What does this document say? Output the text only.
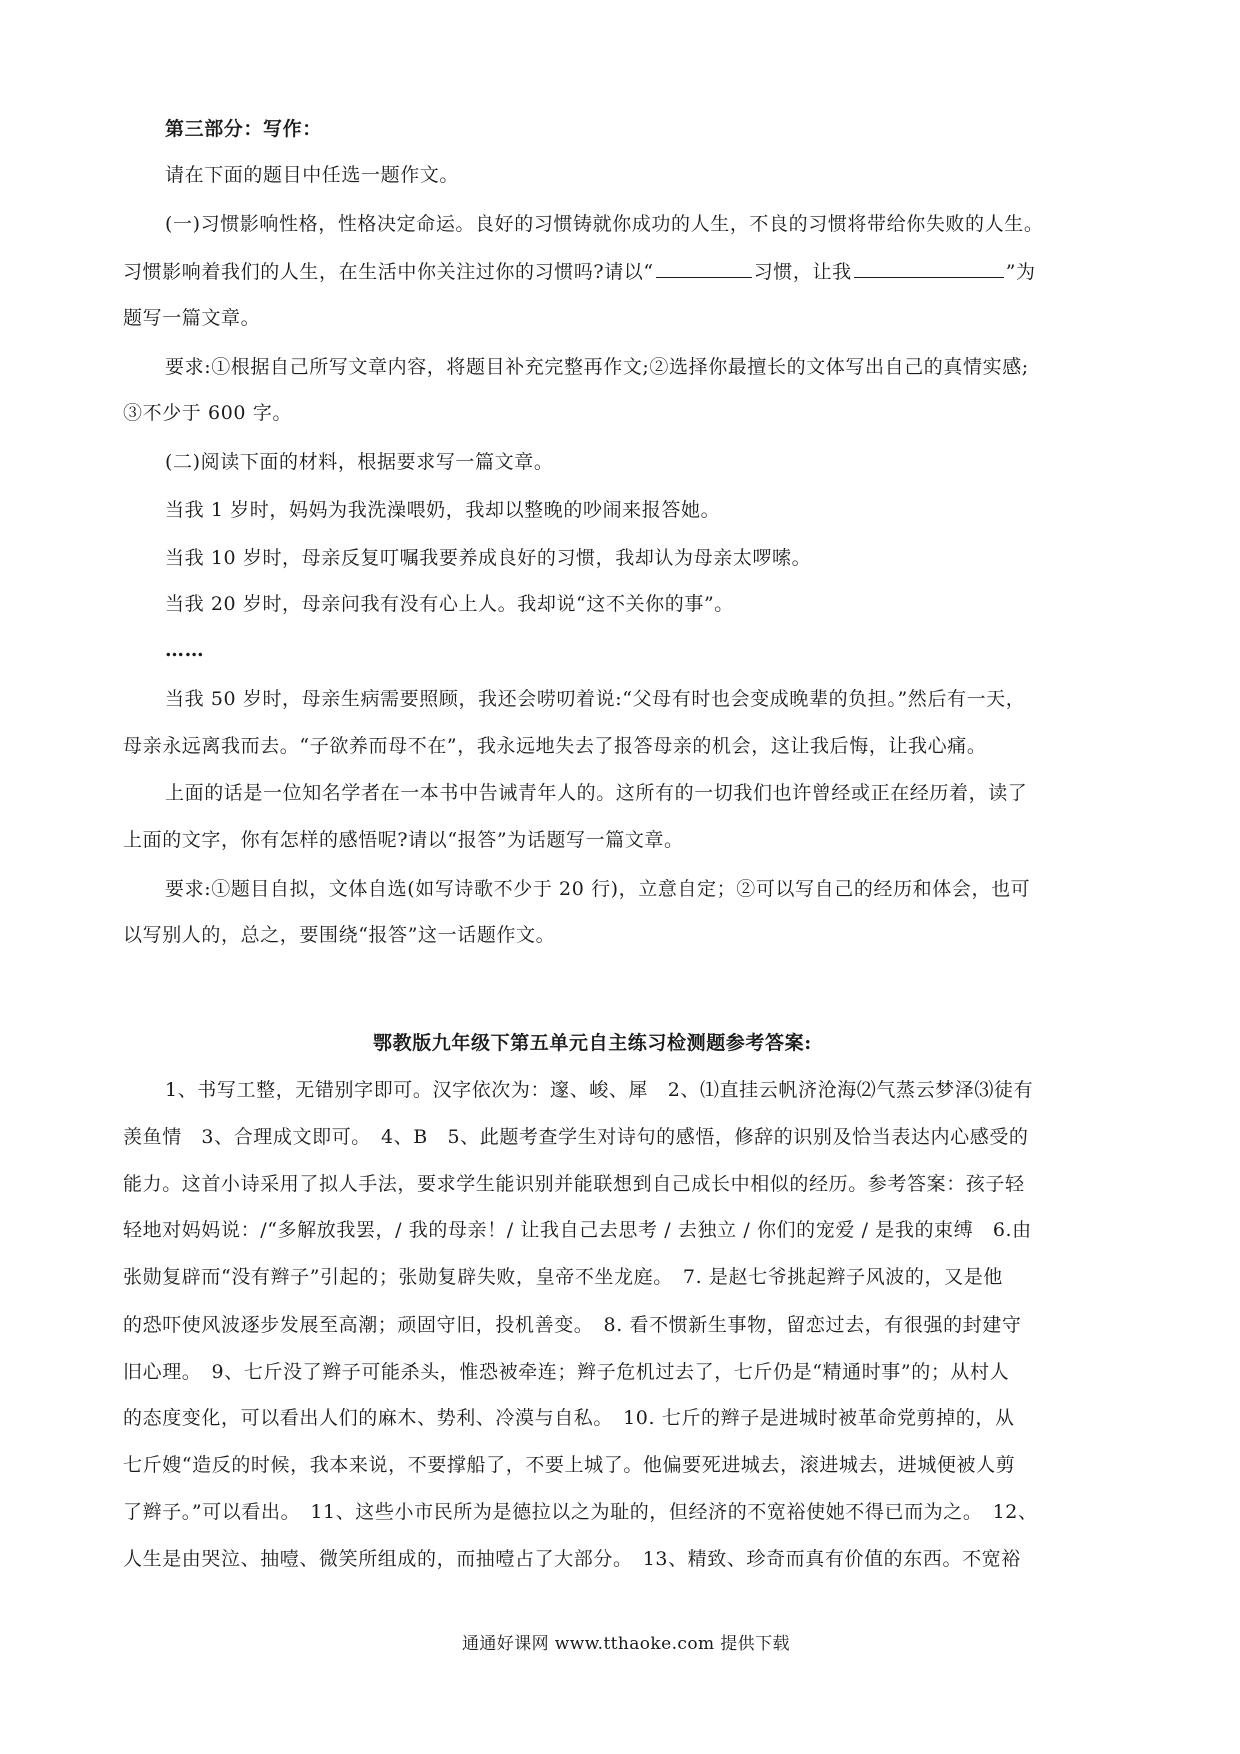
第三部分：写作：
请在下面的题目中任选一题作文。
(一)习惯影响性格，性格决定命运。良好的习惯铸就你成功的人生，不良的习惯将带给你失败的人生。
习惯影响着我们的人生，在生活中你关注过你的习惯吗?请以“	习惯，让我	”为
题写一篇文章。
要求:①根据自己所写文章内容，将题目补充完整再作文;②选择你最擅长的文体写出自己的真情实感;
③不少于 600 字。
(二)阅读下面的材料，根据要求写一篇文章。
当我 1 岁时，妈妈为我洗澡喂奶，我却以整晚的吵闹来报答她。
当我 10 岁时，母亲反复叮嘱我要养成良好的习惯，我却认为母亲太啰嗦。
当我 20 岁时，母亲问我有没有心上人。我却说“这不关你的事”。
……
当我 50 岁时，母亲生病需要照顾，我还会唠叨着说:“父母有时也会变成晚辈的负担。”然后有一天，
母亲永远离我而去。“子欲养而母不在”，我永远地失去了报答母亲的机会，这让我后悔，让我心痛。
上面的话是一位知名学者在一本书中告诫青年人的。这所有的一切我们也许曾经或正在经历着，读了
上面的文字，你有怎样的感悟呢?请以“报答”为话题写一篇文章。
要求:①题目自拟，文体自选(如写诗歌不少于 20 行)，立意自定；②可以写自己的经历和体会，也可
以写别人的，总之，要围绕“报答”这一话题作文。
鄂教版九年级下第五单元自主练习检测题参考答案:
1、书写工整，无错别字即可。汉字依次为：邃、峻、犀　2、⑴直挂云帆济沧海⑵气蒸云梦泽⑶徒有
羡鱼情　3、合理成文即可。　4、B　5、此题考查学生对诗句的感悟，修辞的识别及恰当表达内心感受的
能力。这首小诗采用了拟人手法，要求学生能识别并能联想到自己成长中相似的经历。参考答案：孩子轻
轻地对妈妈说：/“多解放我罢，/ 我的母亲！/ 让我自己去思考 / 去独立 / 你们的宠爱 / 是我的束缚　6.由
张勋复辟而“没有辫子”引起的；张勋复辟失败，皇帝不坐龙庭。　7. 是赵七爷挑起辫子风波的，又是他
的恐吓使风波逐步发展至高潮；顽固守旧，投机善变。　8. 看不惯新生事物，留恋过去，有很强的封建守
旧心理。　9、七斤没了辫子可能杀头，惟恐被牵连；辫子危机过去了，七斤仍是“精通时事”的；从村人
的态度变化，可以看出人们的麻木、势利、冷漠与自私。　10. 七斤的辫子是进城时被革命党剪掉的，从
七斤嫂“造反的时候，我本来说，不要撑船了，不要上城了。他偏要死进城去，滚进城去，进城便被人剪
了辫子。”可以看出。　11、这些小市民所为是德拉以之为耻的，但经济的不宽裕使她不得已而为之。　12、
人生是由哭泣、抽噎、微笑所组成的，而抽噎占了大部分。　13、精致、珍奇而真有价值的东西。不宽裕
通通好课网 www.tthaoke.com 提供下载
